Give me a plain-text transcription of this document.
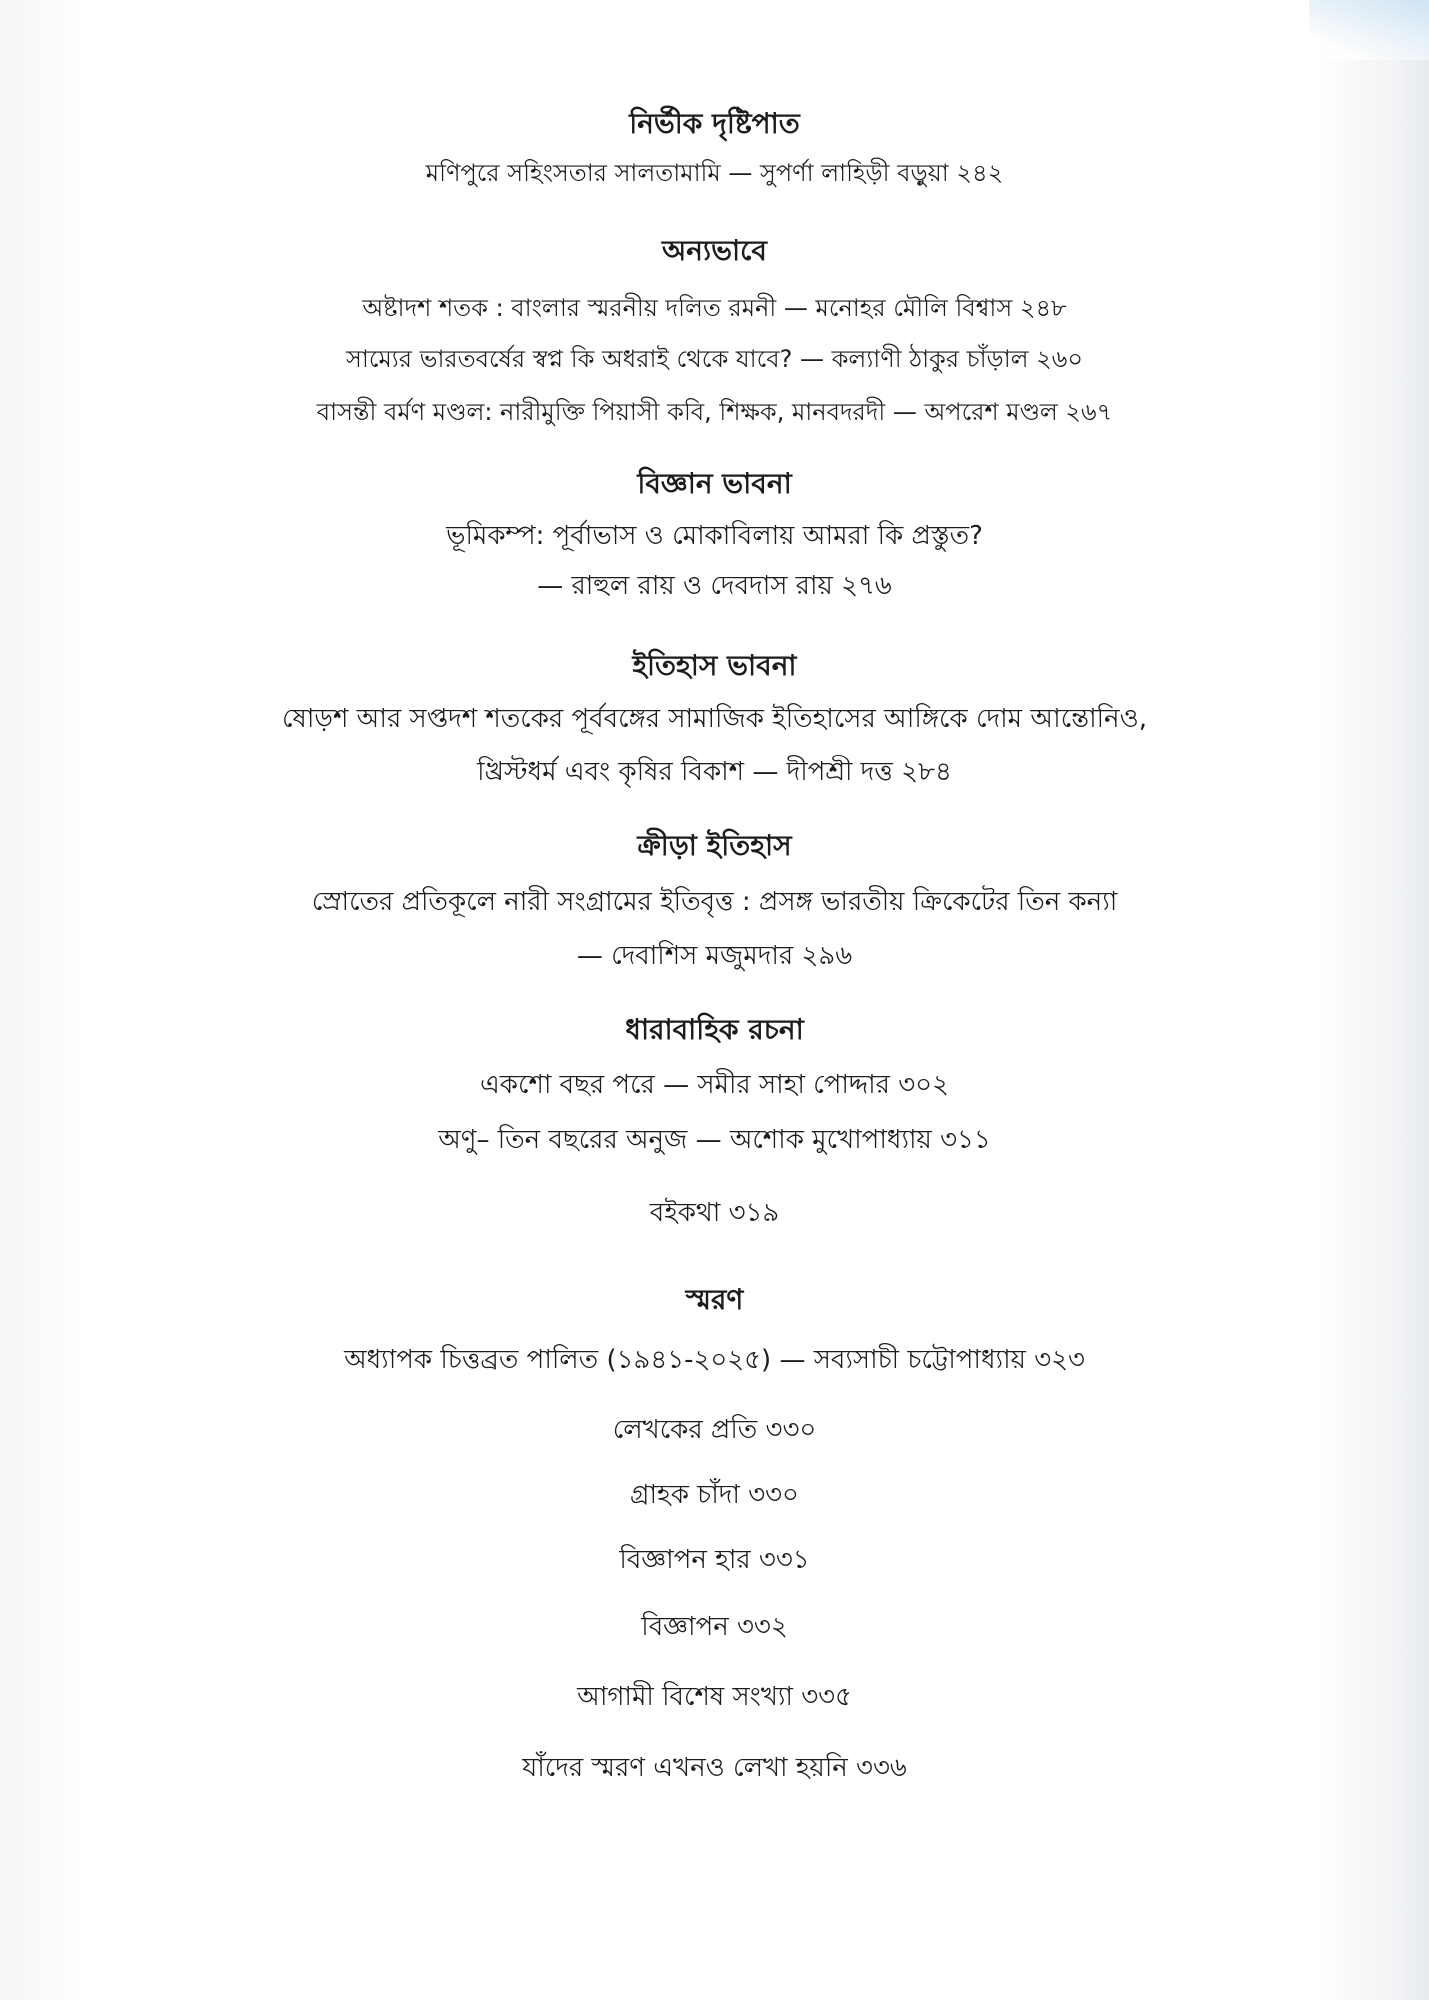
নির্ভীক দৃষ্টিপাত
মণিপুরে সহিংসতার সালতামামি — সুপর্ণা লাহিড়ী বড়ুয়া ২৪২
অন্যভাবে
অষ্টাদশ শতক : বাংলার স্মরনীয় দলিত রমনী — মনোহর মৌলি বিশ্বাস ২৪৮
সাম্যের ভারতবর্ষের স্বপ্ন কি অধরাই থেকে যাবে? — কল্যাণী ঠাকুর চাঁড়াল ২৬০
বাসন্তী বর্মণ মণ্ডল: নারীমুক্তি পিয়াসী কবি, শিক্ষক, মানবদরদী — অপরেশ মণ্ডল ২৬৭
বিজ্ঞান ভাবনা
ভূমিকম্প: পূর্বাভাস ও মোকাবিলায় আমরা কি প্রস্তুত?
— রাহুল রায় ও দেবদাস রায় ২৭৬
ইতিহাস ভাবনা
ষোড়শ আর সপ্তদশ শতকের পূর্ববঙ্গের সামাজিক ইতিহাসের আঙ্গিকে দোম আন্তোনিও,
খ্রিস্টধর্ম এবং কৃষির বিকাশ — দীপশ্রী দত্ত ২৮৪
ক্রীড়া ইতিহাস
স্রোতের প্রতিকূলে নারী সংগ্রামের ইতিবৃত্ত : প্রসঙ্গ ভারতীয় ক্রিকেটের তিন কন্যা
— দেবাশিস মজুমদার ২৯৬
ধারাবাহিক রচনা
একশো বছর পরে — সমীর সাহা পোদ্দার ৩০২
অণু– তিন বছরের অনুজ — অশোক মুখোপাধ্যায় ৩১১
বইকথা ৩১৯
স্মরণ
অধ্যাপক চিত্তব্রত পালিত (১৯৪১-২০২৫) — সব্যসাচী চট্টোপাধ্যায় ৩২৩
লেখকের প্রতি ৩৩০
গ্রাহক চাঁদা ৩৩০
বিজ্ঞাপন হার ৩৩১
বিজ্ঞাপন ৩৩২
আগামী বিশেষ সংখ্যা ৩৩৫
যাঁদের স্মরণ এখনও লেখা হয়নি ৩৩৬
